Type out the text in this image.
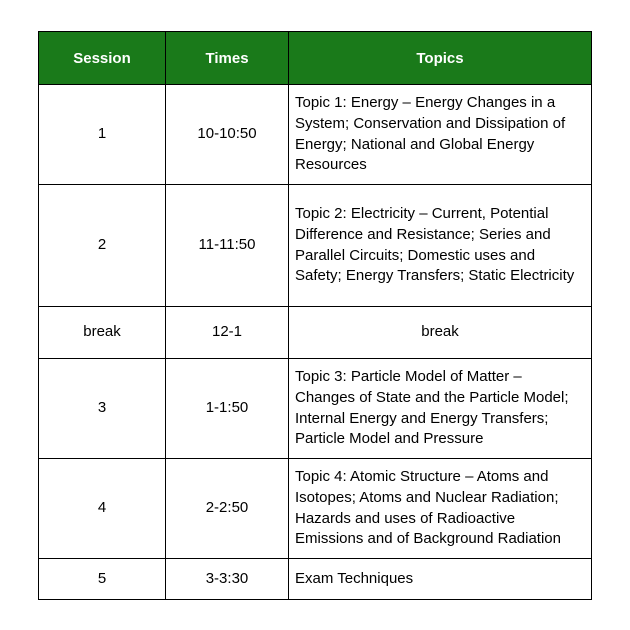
Session	Times	Topics
1	10-10:50	Topic 1: Energy – Energy Changes in a System; Conservation and Dissipation of Energy; National and Global Energy Resources
2	11-11:50	Topic 2: Electricity – Current, Potential Difference and Resistance; Series and Parallel Circuits; Domestic uses and Safety; Energy Transfers; Static Electricity
break	12-1	break
3	1-1:50	Topic 3: Particle Model of Matter – Changes of State and the Particle Model; Internal Energy and Energy Transfers; Particle Model and Pressure
4	2-2:50	Topic 4: Atomic Structure – Atoms and Isotopes; Atoms and Nuclear Radiation; Hazards and uses of Radioactive Emissions and of Background Radiation
5	3-3:30	Exam Techniques
